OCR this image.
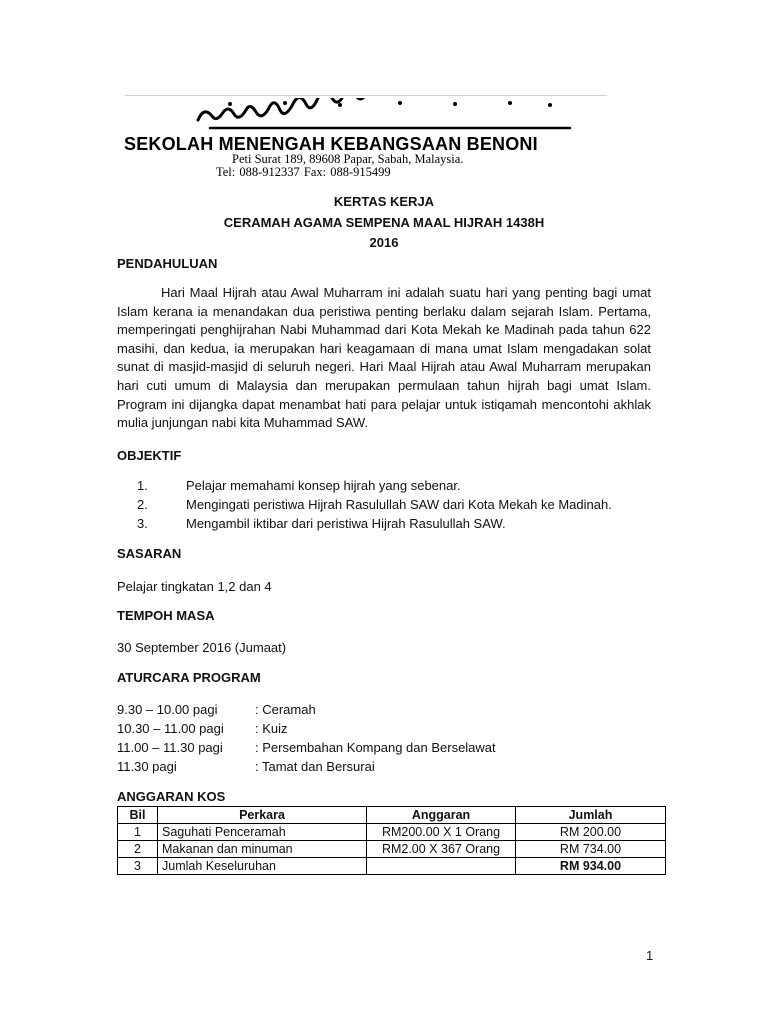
SEKOLAH MENENGAH KEBANGSAAN BENONI
Peti Surat 189, 89608 Papar, Sabah, Malaysia.
Tel: 088-912337 Fax: 088-915499
KERTAS KERJA
CERAMAH AGAMA SEMPENA MAAL HIJRAH 1438H
2016
PENDAHULUAN

Hari Maal Hijrah atau Awal Muharram ini adalah suatu hari yang penting bagi umat Islam kerana ia menandakan dua peristiwa penting berlaku dalam sejarah Islam. Pertama, memperingati penghijrahan Nabi Muhammad dari Kota Mekah ke Madinah pada tahun 622 masihi, dan kedua, ia merupakan hari keagamaan di mana umat Islam mengadakan solat sunat di masjid-masjid di seluruh negeri. Hari Maal Hijrah atau Awal Muharram merupakan hari cuti umum di Malaysia dan merupakan permulaan tahun hijrah bagi umat Islam. Program ini dijangka dapat menambat hati para pelajar untuk istiqamah mencontohi akhlak mulia junjungan nabi kita Muhammad SAW.

OBJEKTIF
1.	Pelajar memahami konsep hijrah yang sebenar.
2.	Mengingati peristiwa Hijrah Rasulullah SAW dari Kota Mekah ke Madinah.
3.	Mengambil iktibar dari peristiwa Hijrah Rasulullah SAW.
SASARAN
Pelajar tingkatan 1,2 dan 4
TEMPOH MASA
30 September 2016 (Jumaat)
ATURCARA PROGRAM
9.30 – 10.00 pagi	: Ceramah
10.30 – 11.00 pagi : Kuiz
11.00 – 11.30 pagi : Persembahan Kompang dan Berselawat
11.30 pagi	: Tamat dan Bersurai
ANGGARAN KOS
Bil	Perkara	Anggaran	Jumlah
1	Saguhati Penceramah	RM200.00 X 1 Orang	RM 200.00
2	Makanan dan minuman	RM2.00 X 367 Orang	RM 734.00
3	Jumlah Keseluruhan		RM 934.00
1
